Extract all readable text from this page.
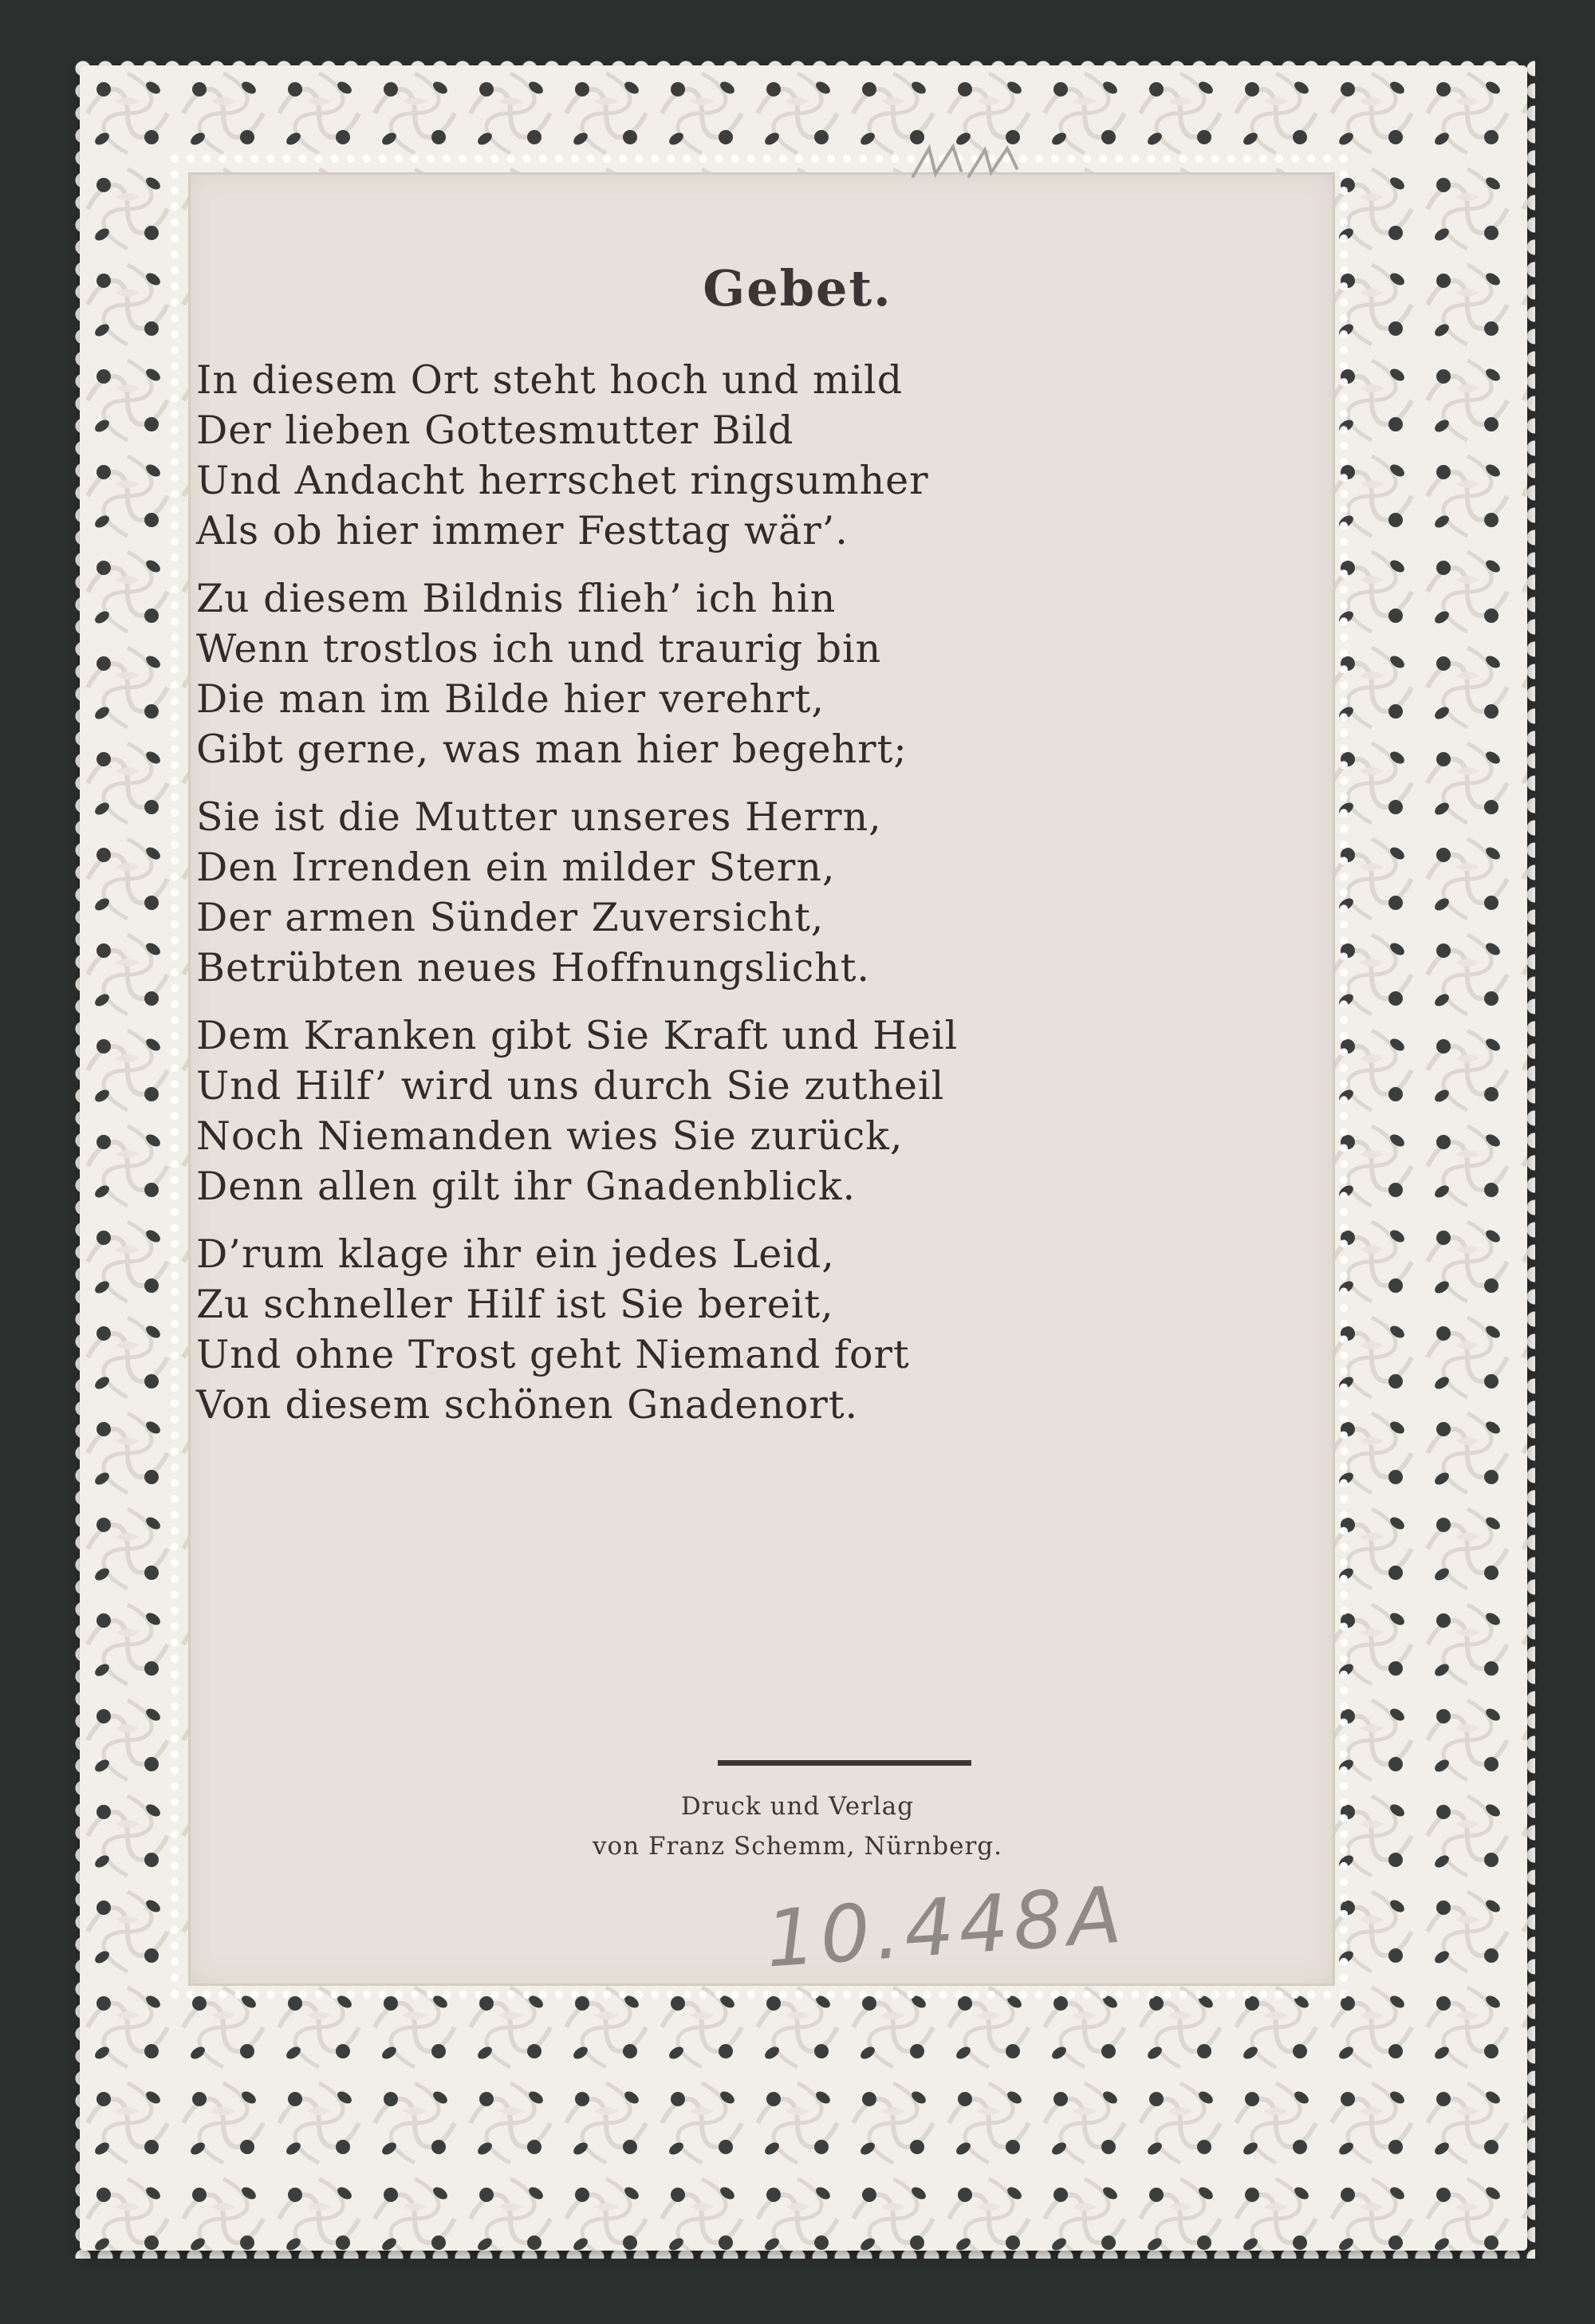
Gebet.
In diesem Ort steht hoch und mild
Der lieben Gottesmutter Bild
Und Andacht herrschet ringsumher
Als ob hier immer Festtag wär’.
Zu diesem Bildnis flieh’ ich hin
Wenn trostlos ich und traurig bin
Die man im Bilde hier verehrt,
Gibt gerne, was man hier begehrt;
Sie ist die Mutter unseres Herrn,
Den Irrenden ein milder Stern,
Der armen Sünder Zuversicht,
Betrübten neues Hoffnungslicht.
Dem Kranken gibt Sie Kraft und Heil
Und Hilf’ wird uns durch Sie zutheil
Noch Niemanden wies Sie zurück,
Denn allen gilt ihr Gnadenblick.
D’rum klage ihr ein jedes Leid,
Zu schneller Hilf ist Sie bereit,
Und ohne Trost geht Niemand fort
Von diesem schönen Gnadenort.
Druck und Verlag
von Franz Schemm, Nürnberg.
10.448A
